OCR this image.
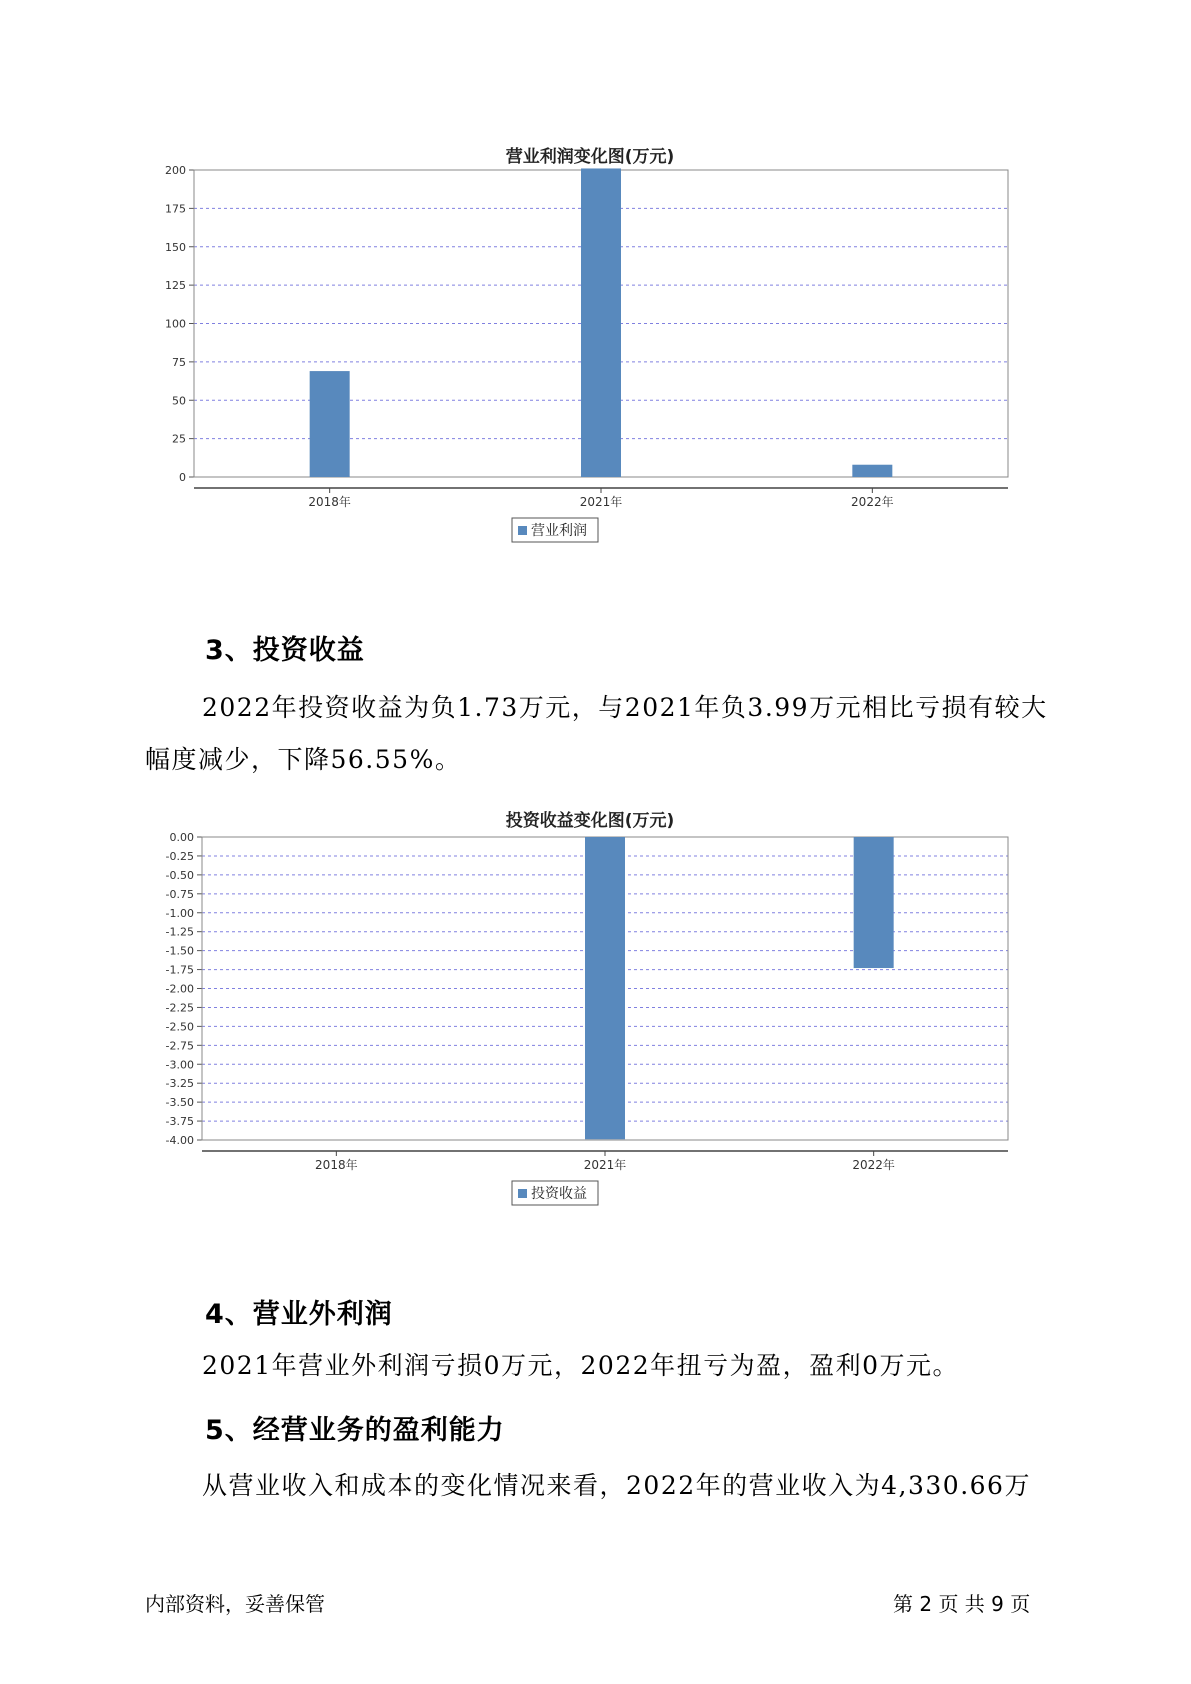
营业利润变化图(万元)
200
175
150
125
100
75
50
25
0
2018年	2021年	2022年
营业利润
3、投资收益

2022年投资收益为负1.73万元，与2021年负3.99万元相比亏损有较大幅度减少，下降56.55%。

投资收益变化图(万元)
0.00
-0.25
-0.50
-0.75
-1.00
-1.25
-1.50
-1.75
-2.00
-2.25
-2.50
-2.75
-3.00
-3.25
-3.50
-3.75
-4.00
2018年	2021年	2022年
投资收益
4、营业外利润

2021年营业外利润亏损0万元，2022年扭亏为盈，盈利0万元。

5、经营业务的盈利能力

从营业收入和成本的变化情况来看，2022年的营业收入为4,330.66万

内部资料，妥善保管	第 2 页 共 9 页
